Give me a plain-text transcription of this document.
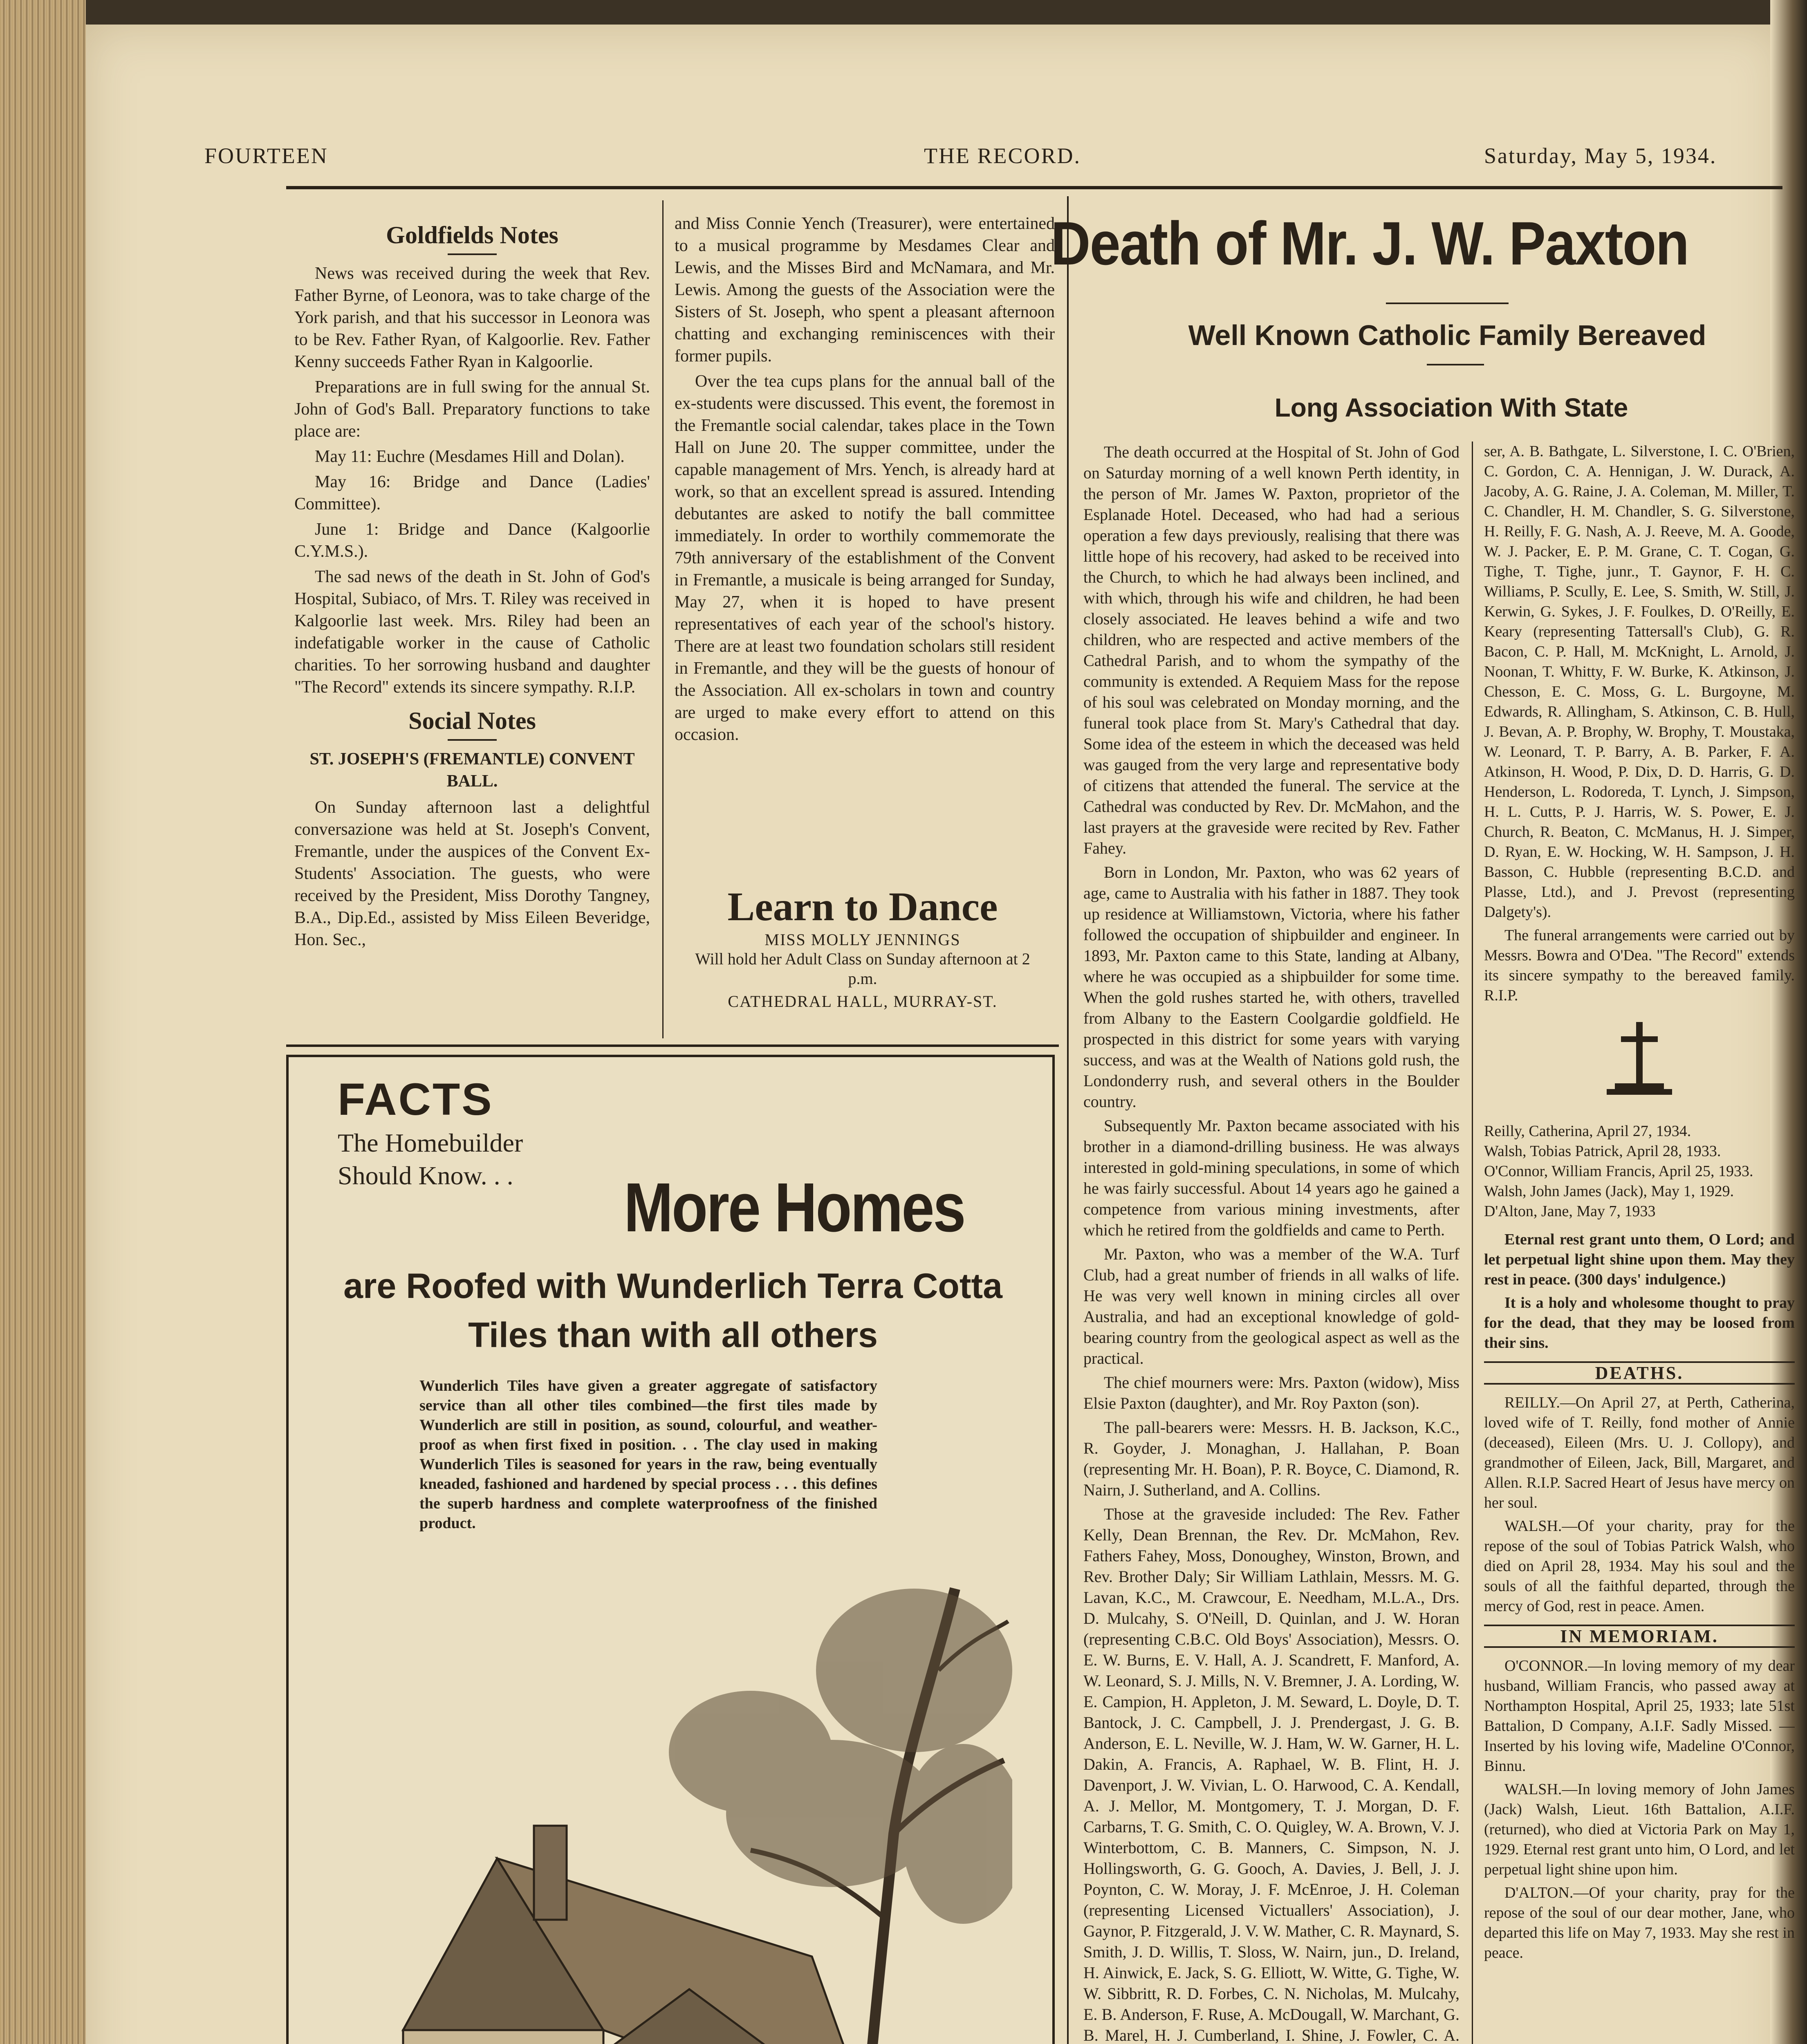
FOURTEEN	THE RECORD.	Saturday, May 5, 1934.
Goldfields Notes

News was received during the week that Rev. Father Byrne, of Leonora, was to take charge of the York parish, and that his successor in Leonora was to be Rev. Father Ryan, of Kalgoorlie. Rev. Father Kenny succeeds Father Ryan in Kalgoorlie.

Preparations are in full swing for the annual St. John of God's Ball. Preparatory functions to take place are:

May 11: Euchre (Mesdames Hill and Dolan).

May 16: Bridge and Dance (Ladies' Committee).

June 1: Bridge and Dance (Kalgoorlie C.Y.M.S.).

The sad news of the death in St. John of God's Hospital, Subiaco, of Mrs. T. Riley was received in Kalgoorlie last week. Mrs. Riley had been an indefatigable worker in the cause of Catholic charities. To her sorrowing husband and daughter "The Record" extends its sincere sympathy. R.I.P.

Social Notes
ST. JOSEPH'S (FREMANTLE) CONVENT BALL.

On Sunday afternoon last a delightful conversazione was held at St. Joseph's Convent, Fremantle, under the auspices of the Convent Ex-Students' Association. The guests, who were received by the President, Miss Dorothy Tangney, B.A., Dip.Ed., assisted by Miss Eileen Beveridge, Hon. Sec.,

and Miss Connie Yench (Treasurer), were entertained to a musical programme by Mesdames Clear and Lewis, and the Misses Bird and McNamara, and Mr. Lewis. Among the guests of the Association were the Sisters of St. Joseph, who spent a pleasant afternoon chatting and exchanging reminiscences with their former pupils.

Over the tea cups plans for the annual ball of the ex-students were discussed. This event, the foremost in the Fremantle social calendar, takes place in the Town Hall on June 20. The supper committee, under the capable management of Mrs. Yench, is already hard at work, so that an excellent spread is assured. Intending debutantes are asked to notify the ball committee immediately. In order to worthily commemorate the 79th anniversary of the establishment of the Convent in Fremantle, a musicale is being arranged for Sunday, May 27, when it is hoped to have present representatives of each year of the school's history. There are at least two foundation scholars still resident in Fremantle, and they will be the guests of honour of the Association. All ex-scholars in town and country are urged to make every effort to attend on this occasion.

Learn to Dance
MISS MOLLY JENNINGS
Will hold her Adult Class on Sunday afternoon at 2 p.m.
CATHEDRAL HALL, MURRAY-ST.
FACTS
The Homebuilder Should Know. . .	More Homes
are Roofed with Wunderlich Terra Cotta Tiles than with all others
Wunderlich Tiles have given a greater aggregate of satisfactory service than all other tiles combined—the first tiles made by Wunderlich are still in position, as sound, colourful, and weather-proof as when first fixed in position. . . The clay used in making Wunderlich Tiles is seasoned for years in the raw, being eventually kneaded, fashioned and hardened by special process . . . this defines the superb hardness and complete waterproofness of the finished product.
Death of Mr. J. W. Paxton
Well Known Catholic Family Bereaved
Long Association With State

The death occurred at the Hospital of St. John of God on Saturday morning of a well known Perth identity, in the person of Mr. James W. Paxton, proprietor of the Esplanade Hotel. Deceased, who had had a serious operation a few days previously, realising that there was little hope of his recovery, had asked to be received into the Church, to which he had always been inclined, and with which, through his wife and children, he had been closely associated. He leaves behind a wife and two children, who are respected and active members of the Cathedral Parish, and to whom the sympathy of the community is extended. A Requiem Mass for the repose of his soul was celebrated on Monday morning, and the funeral took place from St. Mary's Cathedral that day. Some idea of the esteem in which the deceased was held was gauged from the very large and representative body of citizens that attended the funeral. The service at the Cathedral was conducted by Rev. Dr. McMahon, and the last prayers at the graveside were recited by Rev. Father Fahey.

Born in London, Mr. Paxton, who was 62 years of age, came to Australia with his father in 1887. They took up residence at Williamstown, Victoria, where his father followed the occupation of shipbuilder and engineer. In 1893, Mr. Paxton came to this State, landing at Albany, where he was occupied as a shipbuilder for some time. When the gold rushes started he, with others, travelled from Albany to the Eastern Coolgardie goldfield. He prospected in this district for some years with varying success, and was at the Wealth of Nations gold rush, the Londonderry rush, and several others in the Boulder country.

Subsequently Mr. Paxton became associated with his brother in a diamond-drilling business. He was always interested in gold-mining speculations, in some of which he was fairly successful. About 14 years ago he gained a competence from various mining investments, after which he retired from the goldfields and came to Perth.

Mr. Paxton, who was a member of the W.A. Turf Club, had a great number of friends in all walks of life. He was very well known in mining circles all over Australia, and had an exceptional knowledge of gold-bearing country from the geological aspect as well as the practical.

The chief mourners were: Mrs. Paxton (widow), Miss Elsie Paxton (daughter), and Mr. Roy Paxton (son).

The pall-bearers were: Messrs. H. B. Jackson, K.C., R. Goyder, J. Monaghan, J. Hallahan, P. Boan (representing Mr. H. Boan), P. R. Boyce, C. Diamond, R. Nairn, J. Sutherland, and A. Collins.

Those at the graveside included: The Rev. Father Kelly, Dean Brennan, the Rev. Dr. McMahon, Rev. Fathers Fahey, Moss, Donoughey, Winston, Brown, and Rev. Brother Daly; Sir William Lathlain, Messrs. M. G. Lavan, K.C., M. Crawcour, E. Needham, M.L.A., Drs. D. Mulcahy, S. O'Neill, D. Quinlan, and J. W. Horan (representing C.B.C. Old Boys' Association), Messrs. O. E. W. Burns, E. V. Hall, A. J. Scandrett, F. Manford, A. W. Leonard, S. J. Mills, N. V. Bremner, J. A. Lording, W. E. Campion, H. Appleton, J. M. Seward, L. Doyle, D. T. Bantock, J. C. Campbell, J. J. Prendergast, J. G. B. Anderson, E. L. Neville, W. J. Ham, W. W. Garner, H. L. Dakin, A. Francis, A. Raphael, W. B. Flint, H. J. Davenport, J. W. Vivian, L. O. Harwood, C. A. Kendall, A. J. Mellor, M. Montgomery, T. J. Morgan, D. F. Carbarns, T. G. Smith, C. O. Quigley, W. A. Brown, V. J. Winterbottom, C. B. Manners, C. Simpson, N. J. Hollingsworth, G. G. Gooch, A. Davies, J. Bell, J. J. Poynton, C. W. Moray, J. F. McEnroe, J. H. Coleman (representing Licensed Victuallers' Association), J. Gaynor, P. Fitzgerald, J. V. W. Mather, C. R. Maynard, S. Smith, J. D. Willis, T. Sloss, W. Nairn, jun., D. Ireland, H. Ainwick, E. Jack, S. G. Elliott, W. Witte, G. Tighe, W. W. Sibbritt, R. D. Forbes, C. N. Nicholas, M. Mulcahy, E. B. Anderson, F. Ruse, A. McDougall, W. Marchant, G. B. Marel, H. J. Cumberland, I. Shine, J. Fowler, C. A.

ser, A. B. Bathgate, L. Silverstone, I. C. O'Brien, C. Gordon, C. A. Hennigan, J. W. Durack, A. Jacoby, A. G. Raine, J. A. Coleman, M. Miller, T. C. Chandler, H. M. Chandler, S. G. Silverstone, H. Reilly, F. G. Nash, A. J. Reeve, M. A. Goode, W. J. Packer, E. P. M. Grane, C. T. Cogan, G. Tighe, T. Tighe, junr., T. Gaynor, F. H. C. Williams, P. Scully, E. Lee, S. Smith, W. Still, J. Kerwin, G. Sykes, J. F. Foulkes, D. O'Reilly, E. Keary (representing Tattersall's Club), G. R. Bacon, C. P. Hall, M. McKnight, L. Arnold, J. Noonan, T. Whitty, F. W. Burke, K. Atkinson, J. Chesson, E. C. Moss, G. L. Burgoyne, M. Edwards, R. Allingham, S. Atkinson, C. B. Hull, J. Bevan, A. P. Brophy, W. Brophy, T. Moustaka, W. Leonard, T. P. Barry, A. B. Parker, F. A. Atkinson, H. Wood, P. Dix, D. D. Harris, G. D. Henderson, L. Rodoreda, T. Lynch, J. Simpson, H. L. Cutts, P. J. Harris, W. S. Power, E. J. Church, R. Beaton, C. McManus, H. J. Simper, D. Ryan, E. W. Hocking, W. H. Sampson, J. H. Basson, C. Hubble (representing B.C.D. and Plasse, Ltd.), and J. Prevost (representing Dalgety's).

The funeral arrangements were carried out by Messrs. Bowra and O'Dea. "The Record" extends its sincere sympathy to the bereaved family. R.I.P.

Reilly, Catherina, April 27, 1934.
Walsh, Tobias Patrick, April 28, 1933.
O'Connor, William Francis, April 25, 1933.
Walsh, John James (Jack), May 1, 1929.
D'Alton, Jane, May 7, 1933

Eternal rest grant unto them, O Lord; and let perpetual light shine upon them. May they rest in peace. (300 days' indulgence.)

It is a holy and wholesome thought to pray for the dead, that they may be loosed from their sins.

DEATHS.

REILLY.—On April 27, at Perth, Catherina, loved wife of T. Reilly, fond mother of Annie (deceased), Eileen (Mrs. U. J. Collopy), and grandmother of Eileen, Jack, Bill, Margaret, and Allen. R.I.P. Sacred Heart of Jesus have mercy on her soul.

WALSH.—Of your charity, pray for the repose of the soul of Tobias Patrick Walsh, who died on April 28, 1934. May his soul and the souls of all the faithful departed, through the mercy of God, rest in peace. Amen.

IN MEMORIAM.

O'CONNOR.—In loving memory of my dear husband, William Francis, who passed away at Northampton Hospital, April 25, 1933; late 51st Battalion, D Company, A.I.F. Sadly Missed. —Inserted by his loving wife, Madeline O'Connor, Binnu.

WALSH.—In loving memory of John James (Jack) Walsh, Lieut. 16th Battalion, A.I.F. (returned), who died at Victoria Park on May 1, 1929. Eternal rest grant unto him, O Lord, and let perpetual light shine upon him.

D'ALTON.—Of your charity, pray for the repose of the soul of our dear mother, Jane, who departed this life on May 7, 1933. May she rest in peace.
